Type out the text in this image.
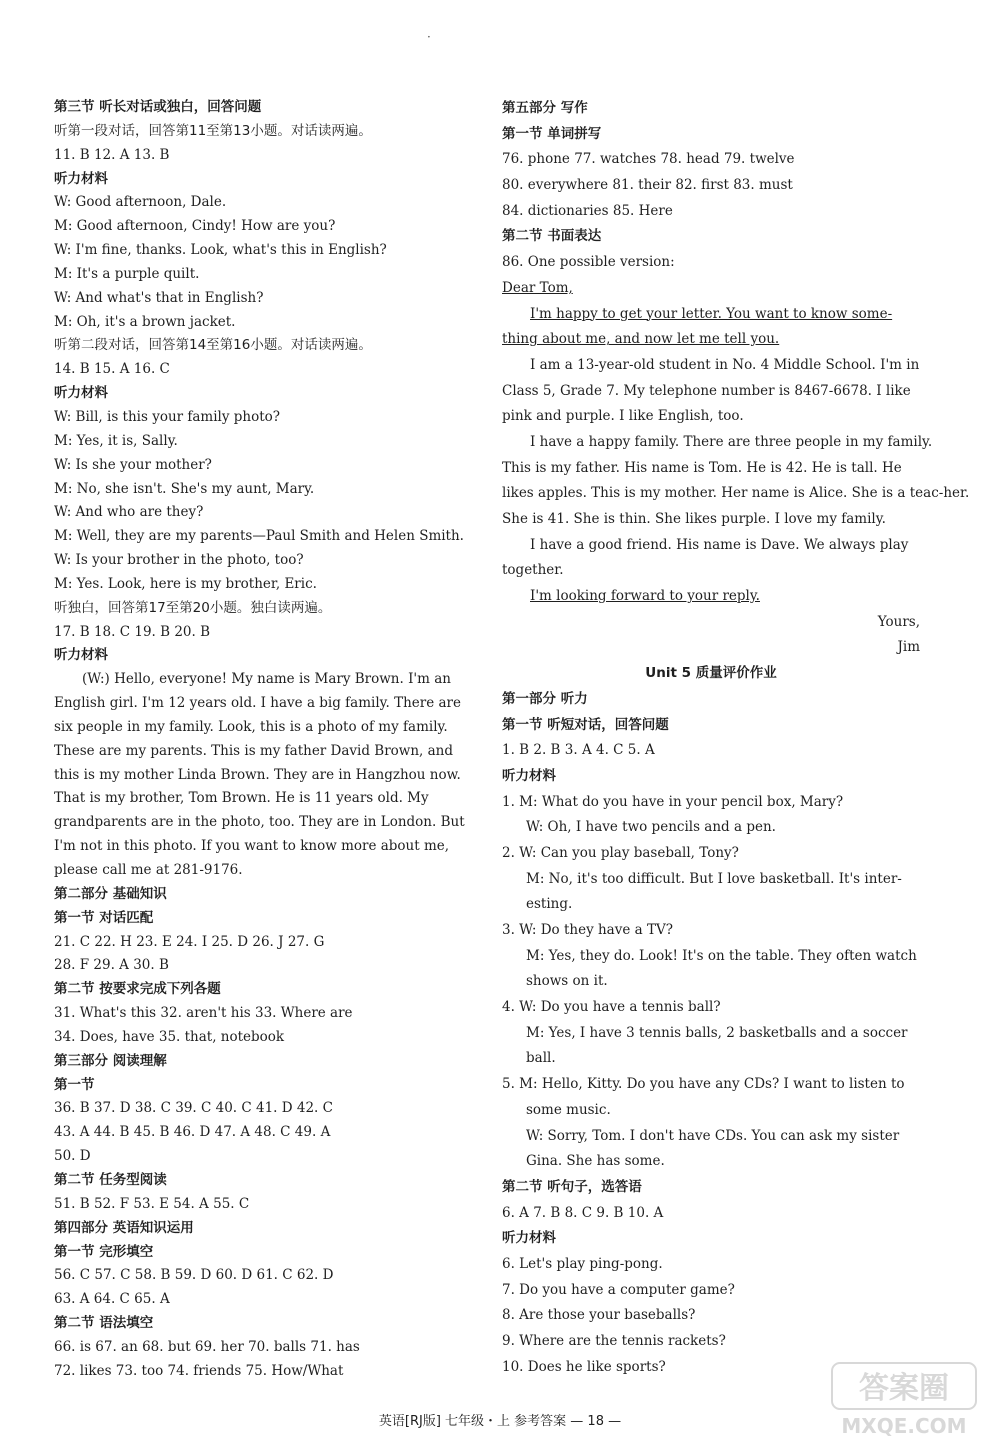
·
第三节 听长对话或独白，回答问题
听第一段对话，回答第11至第13小题。对话读两遍。
11. B 12. A 13. B
听力材料
W: Good afternoon, Dale.
M: Good afternoon, Cindy! How are you?
W: I'm fine, thanks. Look, what's this in English?
M: It's a purple quilt.
W: And what's that in English?
M: Oh, it's a brown jacket.
听第二段对话，回答第14至第16小题。对话读两遍。
14. B 15. A 16. C
听力材料
W: Bill, is this your family photo?
M: Yes, it is, Sally.
W: Is she your mother?
M: No, she isn't. She's my aunt, Mary.
W: And who are they?
M: Well, they are my parents—Paul Smith and Helen Smith.
W: Is your brother in the photo, too?
M: Yes. Look, here is my brother, Eric.
听独白，回答第17至第20小题。独白读两遍。
17. B 18. C 19. B 20. B
听力材料
(W:) Hello, everyone! My name is Mary Brown. I'm an
English girl. I'm 12 years old. I have a big family. There are
six people in my family. Look, this is a photo of my family.
These are my parents. This is my father David Brown, and
this is my mother Linda Brown. They are in Hangzhou now.
That is my brother, Tom Brown. He is 11 years old. My
grandparents are in the photo, too. They are in London. But
I'm not in this photo. If you want to know more about me,
please call me at 281-9176.
第二部分 基础知识
第一节 对话匹配
21. C 22. H 23. E 24. I 25. D 26. J 27. G
28. F 29. A 30. B
第二节 按要求完成下列各题
31. What's this 32. aren't his 33. Where are
34. Does, have 35. that, notebook
第三部分 阅读理解
第一节
36. B 37. D 38. C 39. C 40. C 41. D 42. C
43. A 44. B 45. B 46. D 47. A 48. C 49. A
50. D
第二节 任务型阅读
51. B 52. F 53. E 54. A 55. C
第四部分 英语知识运用
第一节 完形填空
56. C 57. C 58. B 59. D 60. D 61. C 62. D
63. A 64. C 65. A
第二节 语法填空
66. is 67. an 68. but 69. her 70. balls 71. has
72. likes 73. too 74. friends 75. How/What
第五部分 写作
第一节 单词拼写
76. phone 77. watches 78. head 79. twelve
80. everywhere 81. their 82. first 83. must
84. dictionaries 85. Here
第二节 书面表达
86. One possible version:
Dear Tom,
I'm happy to get your letter. You want to know some-
thing about me, and now let me tell you.
I am a 13-year-old student in No. 4 Middle School. I'm in
Class 5, Grade 7. My telephone number is 8467-6678. I like
pink and purple. I like English, too.
I have a happy family. There are three people in my family.
This is my father. His name is Tom. He is 42. He is tall. He
likes apples. This is my mother. Her name is Alice. She is a teac-her.
She is 41. She is thin. She likes purple. I love my family.
I have a good friend. His name is Dave. We always play
together.
I'm looking forward to your reply.
Yours,
Jim
Unit 5 质量评价作业
第一部分 听力
第一节 听短对话，回答问题
1. B 2. B 3. A 4. C 5. A
听力材料
1. M: What do you have in your pencil box, Mary?
W: Oh, I have two pencils and a pen.
2. W: Can you play baseball, Tony?
M: No, it's too difficult. But I love basketball. It's inter-
esting.
3. W: Do they have a TV?
M: Yes, they do. Look! It's on the table. They often watch
shows on it.
4. W: Do you have a tennis ball?
M: Yes, I have 3 tennis balls, 2 basketballs and a soccer
ball.
5. M: Hello, Kitty. Do you have any CDs? I want to listen to
some music.
W: Sorry, Tom. I don't have CDs. You can ask my sister
Gina. She has some.
第二节 听句子，选答语
6. A 7. B 8. C 9. B 10. A
听力材料
6. Let's play ping-pong.
7. Do you have a computer game?
8. Are those your baseballs?
9. Where are the tennis rackets?
10. Does he like sports?
英语[RJ版] 七年级・上 参考答案 — 18 —
答案圈
MXQE.COM
